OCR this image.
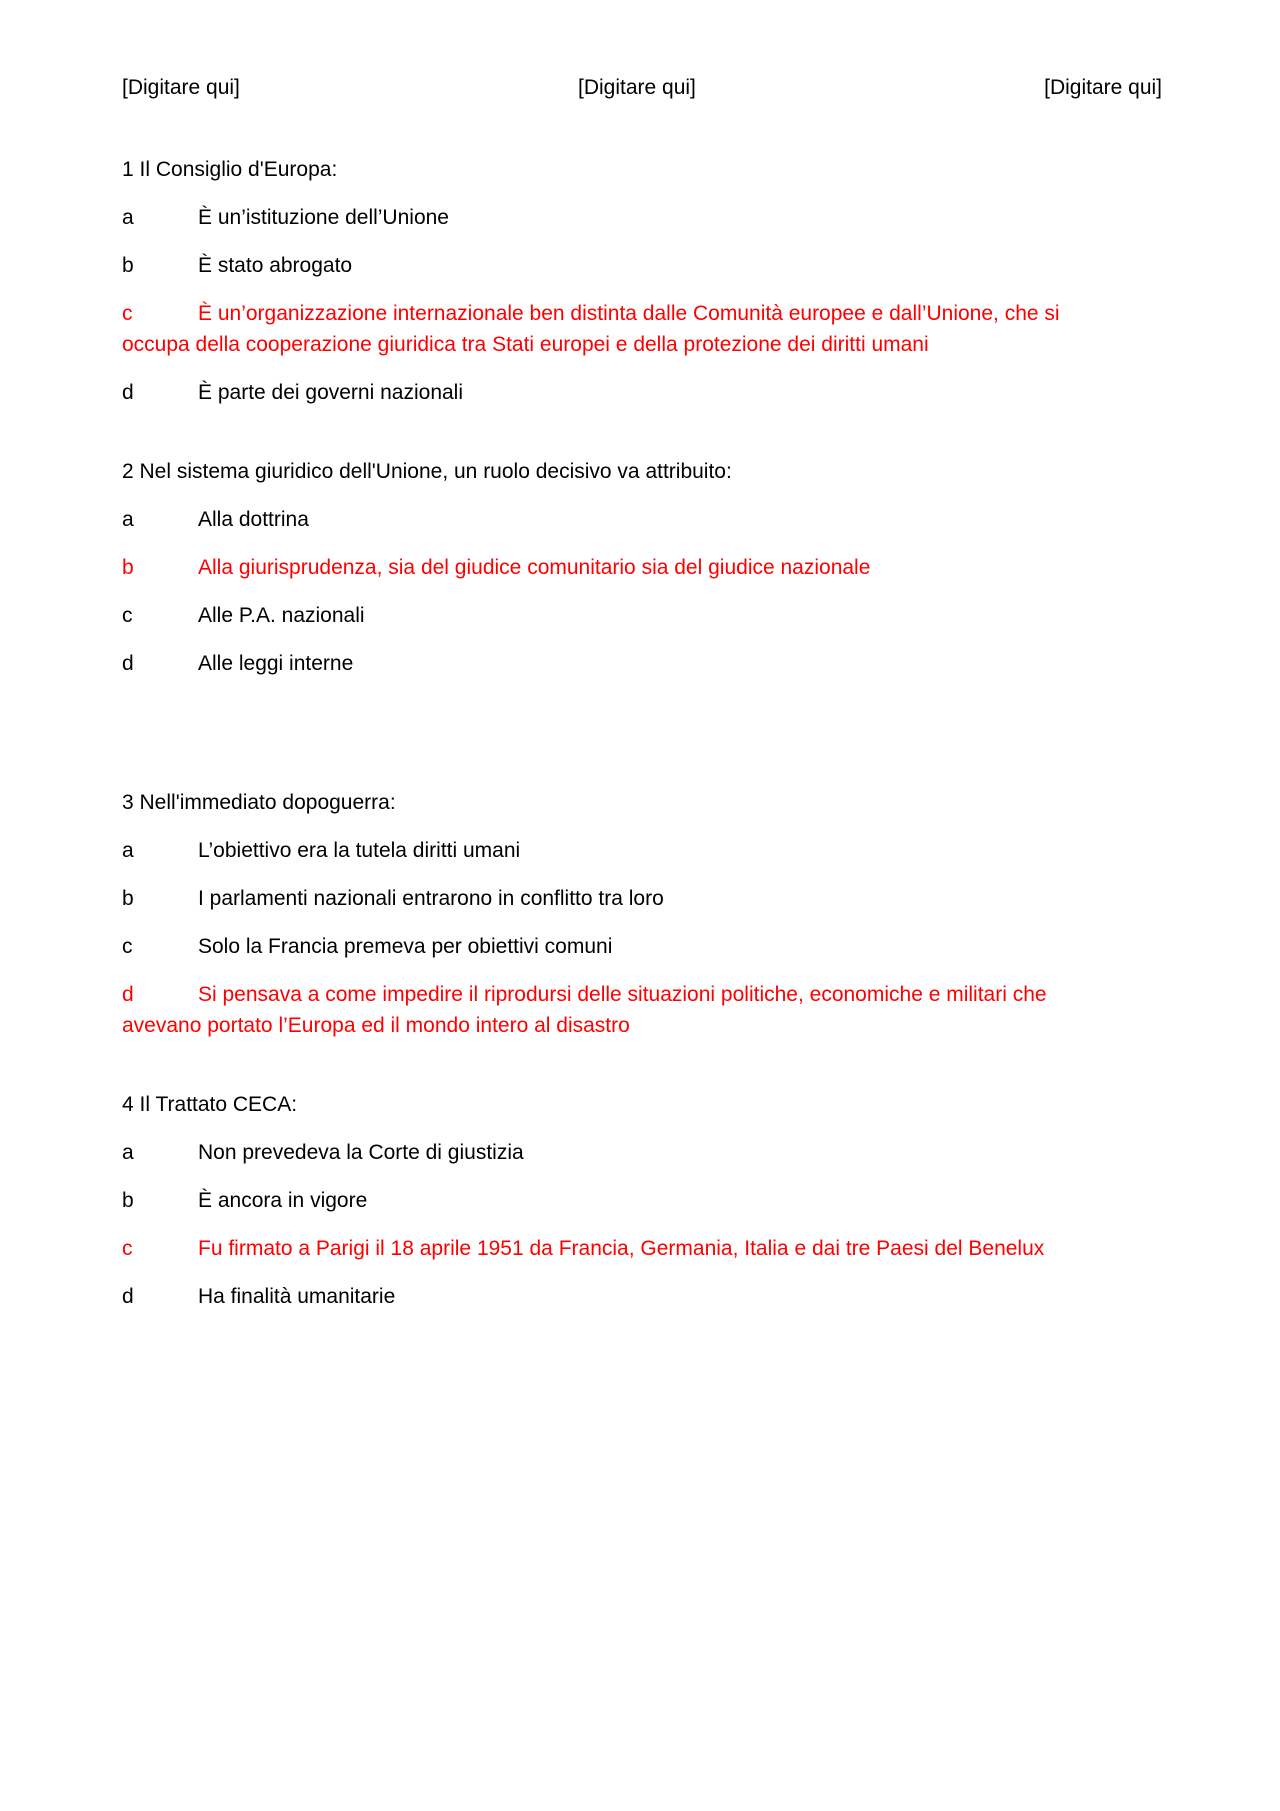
[Digitare qui]	[Digitare qui]	[Digitare qui]

1 Il Consiglio d'Europa:

a	È un’istituzione dell’Unione

b	È stato abrogato

c	È un’organizzazione internazionale ben distinta dalle Comunità europee e dall’Unione, che si occupa della cooperazione giuridica tra Stati europei e della protezione dei diritti umani

d	È parte dei governi nazionali

2 Nel sistema giuridico dell'Unione, un ruolo decisivo va attribuito:

a	Alla dottrina

b	Alla giurisprudenza, sia del giudice comunitario sia del giudice nazionale

c	Alle P.A. nazionali

d	Alle leggi interne

3 Nell'immediato dopoguerra:

a	L’obiettivo era la tutela diritti umani

b	I parlamenti nazionali entrarono in conflitto tra loro

c	Solo la Francia premeva per obiettivi comuni

d	Si pensava a come impedire il riprodursi delle situazioni politiche, economiche e militari che avevano portato l’Europa ed il mondo intero al disastro

4 Il Trattato CECA:

a	Non prevedeva la Corte di giustizia

b	È ancora in vigore

c	Fu firmato a Parigi il 18 aprile 1951 da Francia, Germania, Italia e dai tre Paesi del Benelux

d	Ha finalità umanitarie
